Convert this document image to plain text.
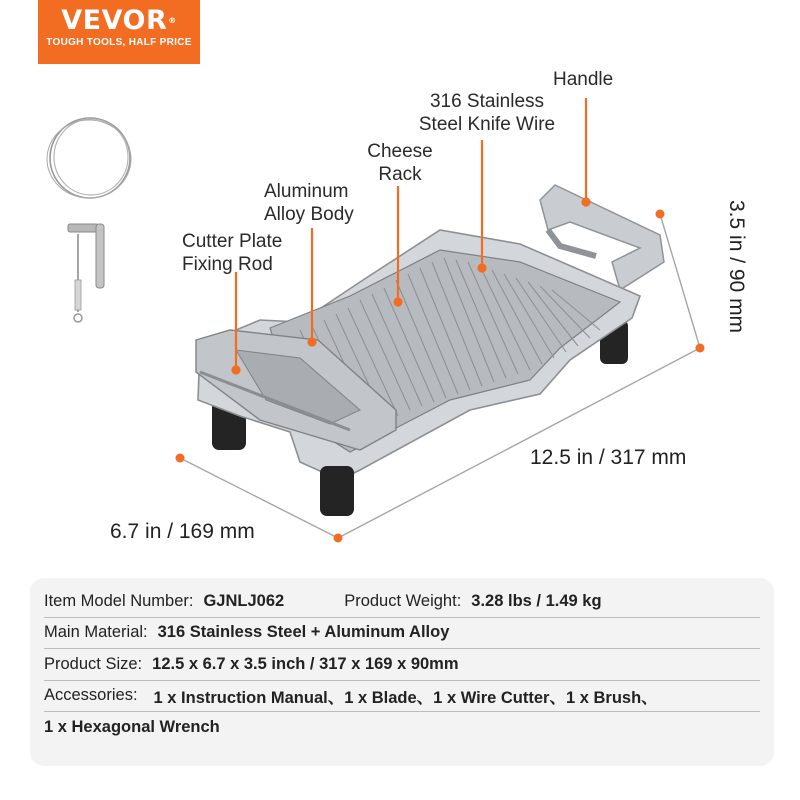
VEVOR®
TOUGH TOOLS, HALF PRICE
Handle
316 Stainless
Steel Knife Wire
Cheese
Rack
Aluminum
Alloy Body
Cutter Plate
Fixing Rod	3.5 in / 90 mm
12.5 in / 317 mm
6.7 in / 169 mm
Item Model Number: GJNLJ062	Product Weight: 3.28 lbs / 1.49 kg
Main Material: 316 Stainless Steel + Aluminum Alloy
Product Size: 12.5 x 6.7 x 3.5 inch / 317 x 169 x 90mm
Accessories: 1 x Instruction Manual、1 x Blade、1 x Wire Cutter、1 x Brush、
1 x Hexagonal Wrench
